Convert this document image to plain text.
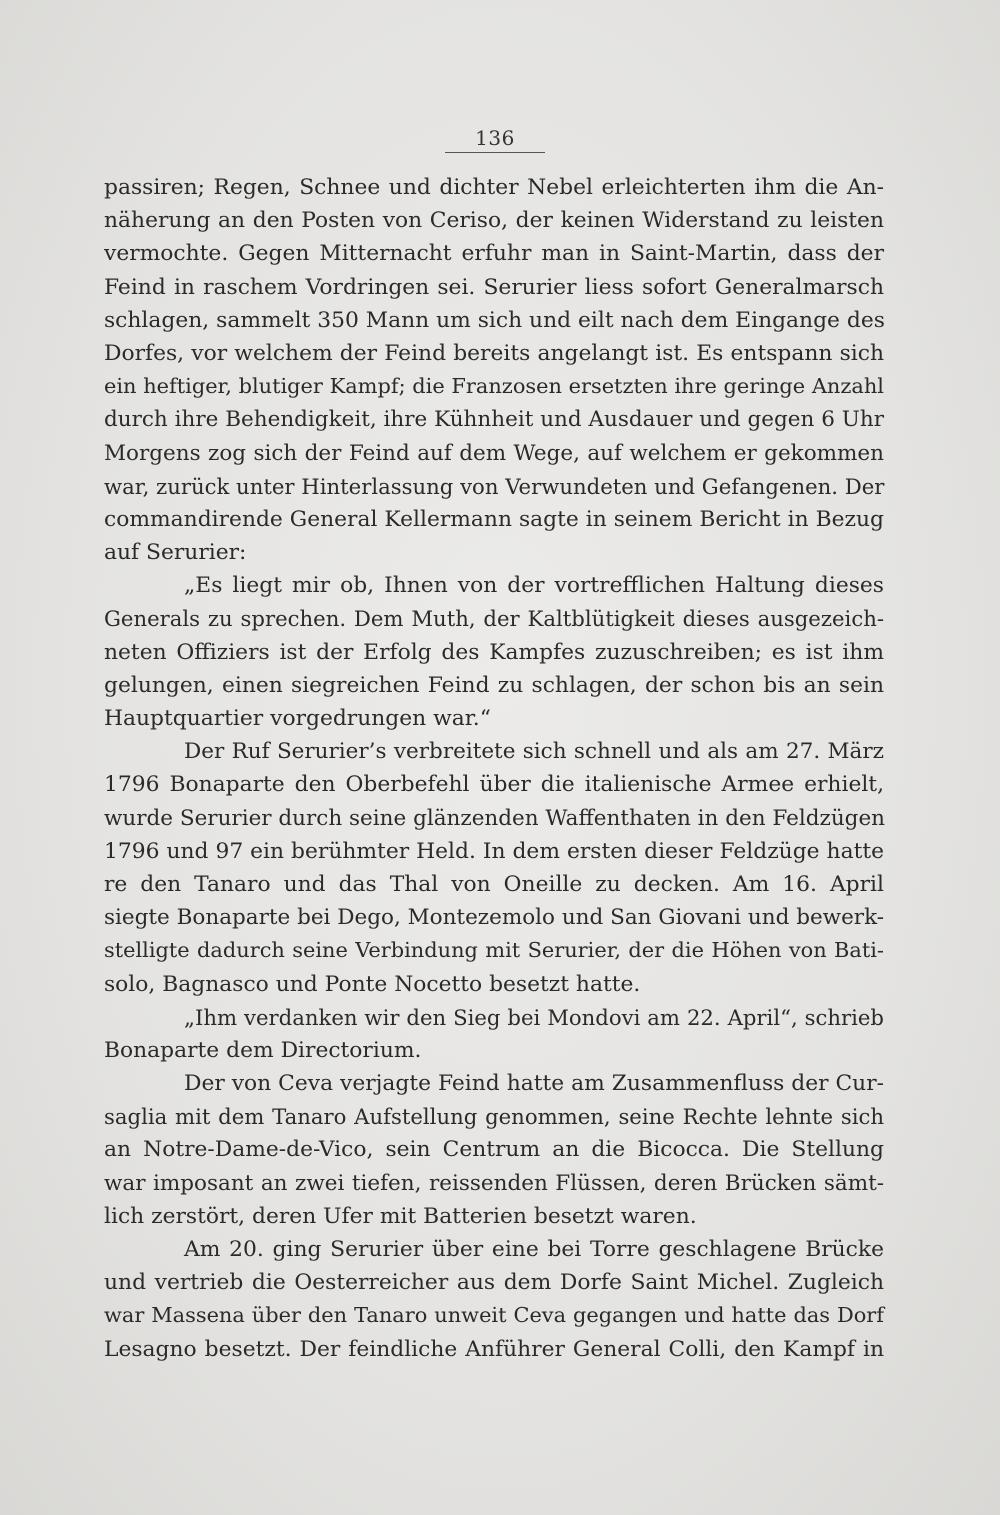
136
passiren; Regen, Schnee und dichter Nebel erleichterten ihm die An-
näherung an den Posten von Ceriso, der keinen Widerstand zu leisten
vermochte. Gegen Mitternacht erfuhr man in Saint-Martin, dass der
Feind in raschem Vordringen sei. Serurier liess sofort Generalmarsch
schlagen, sammelt 350 Mann um sich und eilt nach dem Eingange des
Dorfes, vor welchem der Feind bereits angelangt ist. Es entspann sich
ein heftiger, blutiger Kampf; die Franzosen ersetzten ihre geringe Anzahl
durch ihre Behendigkeit, ihre Kühnheit und Ausdauer und gegen 6 Uhr
Morgens zog sich der Feind auf dem Wege, auf welchem er gekommen
war, zurück unter Hinterlassung von Verwundeten und Gefangenen. Der
commandirende General Kellermann sagte in seinem Bericht in Bezug
auf Serurier:
„Es liegt mir ob, Ihnen von der vortrefflichen Haltung dieses
Generals zu sprechen. Dem Muth, der Kaltblütigkeit dieses ausgezeich-
neten Offiziers ist der Erfolg des Kampfes zuzuschreiben; es ist ihm
gelungen, einen siegreichen Feind zu schlagen, der schon bis an sein
Hauptquartier vorgedrungen war.“
Der Ruf Serurier’s verbreitete sich schnell und als am 27. März
1796 Bonaparte den Oberbefehl über die italienische Armee erhielt,
wurde Serurier durch seine glänzenden Waffenthaten in den Feldzügen
1796 und 97 ein berühmter Held. In dem ersten dieser Feldzüge hatte
re den Tanaro und das Thal von Oneille zu decken. Am 16. April
siegte Bonaparte bei Dego, Montezemolo und San Giovani und bewerk-
stelligte dadurch seine Verbindung mit Serurier, der die Höhen von Bati-
solo, Bagnasco und Ponte Nocetto besetzt hatte.
„Ihm verdanken wir den Sieg bei Mondovi am 22. April“, schrieb
Bonaparte dem Directorium.
Der von Ceva verjagte Feind hatte am Zusammenfluss der Cur-
saglia mit dem Tanaro Aufstellung genommen, seine Rechte lehnte sich
an Notre-Dame-de-Vico, sein Centrum an die Bicocca. Die Stellung
war imposant an zwei tiefen, reissenden Flüssen, deren Brücken sämt-
lich zerstört, deren Ufer mit Batterien besetzt waren.
Am 20. ging Serurier über eine bei Torre geschlagene Brücke
und vertrieb die Oesterreicher aus dem Dorfe Saint Michel. Zugleich
war Massena über den Tanaro unweit Ceva gegangen und hatte das Dorf
Lesagno besetzt. Der feindliche Anführer General Colli, den Kampf in
